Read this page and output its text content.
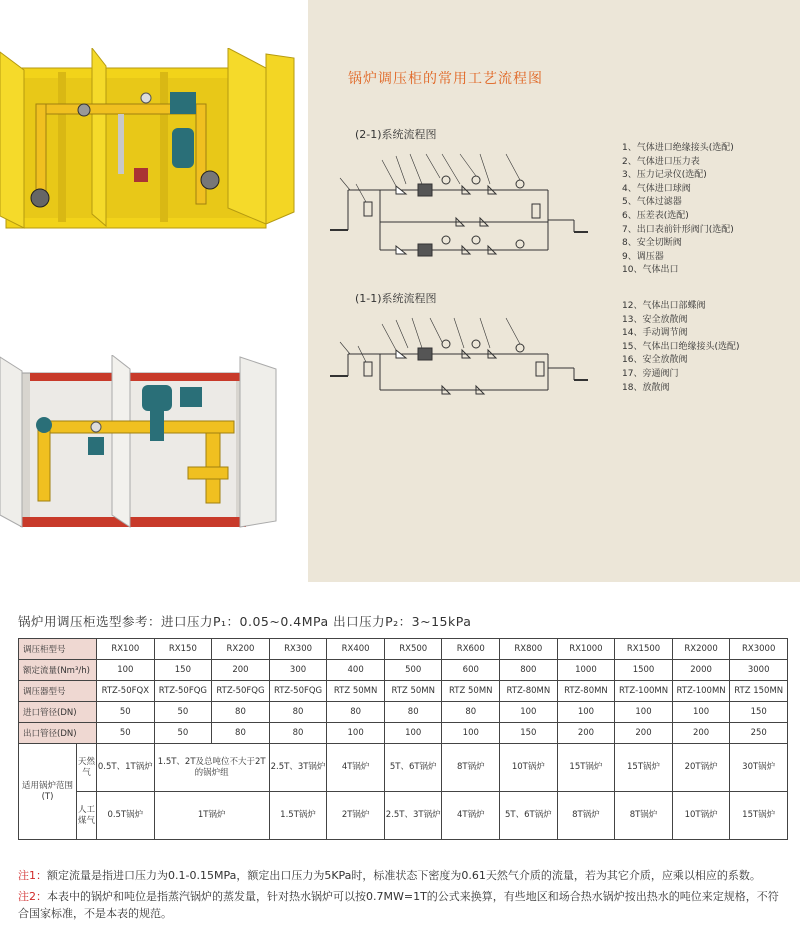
锅炉调压柜的常用工艺流程图
(2-1)系统流程图
(1-1)系统流程图
1、气体进口绝缘接头(选配)
2、气体进口压力表
3、压力记录仪(选配)
4、气体进口球阀
5、气体过滤器
6、压差表(选配)
7、出口表前针形阀门(选配)
8、安全切断阀
9、调压器
10、气体出口
12、气体出口部蝶阀
13、安全放散阀
14、手动调节阀
15、气体出口绝缘接头(选配)
16、安全放散阀
17、旁通阀门
18、放散阀
锅炉用调压柜选型参考：进口压力P₁：0.05~0.4MPa 出口压力P₂：3~15kPa
调压柜型号		RX100	RX150	RX200	RX300	RX400	RX500	RX600	RX800	RX1000	RX1500	RX2000	RX3000
额定流量(Nm³/h)		100	150	200	300	400	500	600	800	1000	1500	2000	3000
调压器型号		RTZ-50FQX	RTZ-50FQG	RTZ-50FQG	RTZ-50FQG	RTZ 50MN	RTZ 50MN	RTZ 50MN	RTZ-80MN	RTZ-80MN	RTZ-100MN	RTZ-100MN	RTZ 150MN
进口管径(DN)		50	50	80	80	80	80	80	100	100	100	100	150
出口管径(DN)		50	50	80	80	100	100	100	150	200	200	200	250
适用锅炉范围(T)	天然气	0.5T、1T锅炉	1.5T、2T及总吨位不大于2T的锅炉组		2.5T、3T锅炉	4T锅炉	5T、6T锅炉	8T锅炉	10T锅炉	15T锅炉	15T锅炉	20T锅炉	30T锅炉
	人工煤气	0.5T锅炉	1T锅炉		1.5T锅炉	2T锅炉	2.5T、3T锅炉	4T锅炉	5T、6T锅炉	8T锅炉	8T锅炉	10T锅炉	15T锅炉
注1：额定流量是指进口压力为0.1-0.15MPa，额定出口压力为5KPa时，标准状态下密度为0.61天然气介质的流量，若为其它介质，应乘以相应的系数。
注2：本表中的锅炉和吨位是指蒸汽锅炉的蒸发量，针对热水锅炉可以按0.7MW=1T的公式来换算，有些地区和场合热水锅炉按出热水的吨位来定规格，不符合国家标准，不是本表的规范。
